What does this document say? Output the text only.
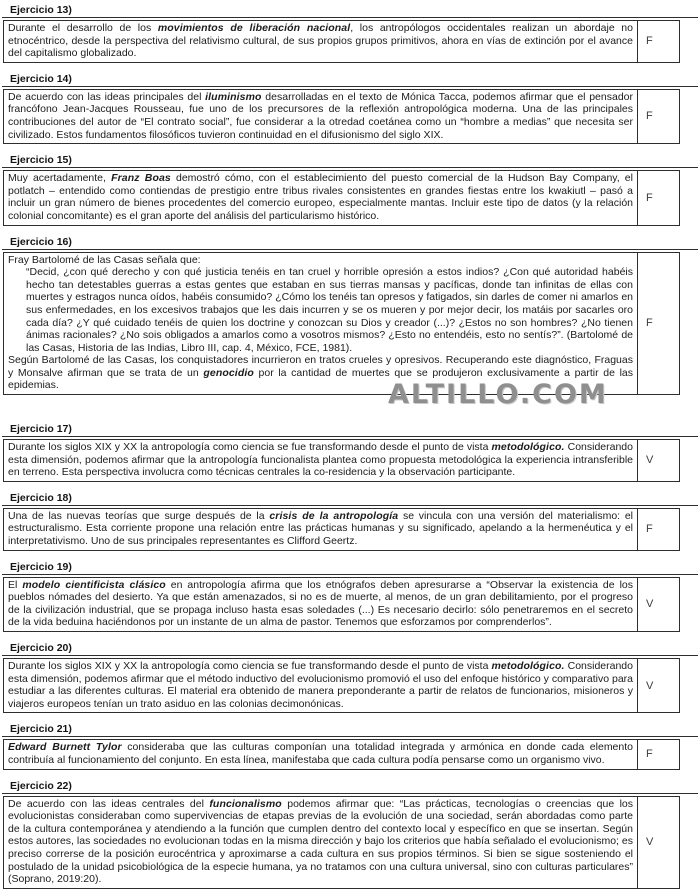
Ejercicio 13)

Durante el desarrollo de los movimientos de liberación nacional, los antropólogos occidentales realizan un abordaje no etnocéntrico, desde la perspectiva del relativismo cultural, de sus propios grupos primitivos, ahora en vías de extinción por el avance del capitalismo globalizado.

F
Ejercicio 14)

De acuerdo con las ideas principales del iluminismo desarrolladas en el texto de Mónica Tacca, podemos afirmar que el pensador francófono Jean-Jacques Rousseau, fue uno de los precursores de la reflexión antropológica moderna. Una de las principales contribuciones del autor de “El contrato social”, fue considerar a la otredad coetánea como un “hombre a medias” que necesita ser civilizado. Estos fundamentos filosóficos tuvieron continuidad en el difusionismo del siglo XIX.

F
Ejercicio 15)

Muy acertadamente, Franz Boas demostró cómo, con el establecimiento del puesto comercial de la Hudson Bay Company, el potlatch – entendido como contiendas de prestigio entre tribus rivales consistentes en grandes fiestas entre los kwakiutl – pasó a incluir un gran número de bienes procedentes del comercio europeo, especialmente mantas. Incluir este tipo de datos (y la relación colonial concomitante) es el gran aporte del análisis del particularismo histórico.

F
Ejercicio 16)

Fray Bartolomé de las Casas señala que:

“Decid, ¿con qué derecho y con qué justicia tenéis en tan cruel y horrible opresión a estos indios? ¿Con qué autoridad habéis hecho tan detestables guerras a estas gentes que estaban en sus tierras mansas y pacíficas, donde tan infinitas de ellas con muertes y estragos nunca oídos, habéis consumido? ¿Cómo los tenéis tan opresos y fatigados, sin darles de comer ni amarlos en sus enfermedades, en los excesivos trabajos que les dais incurren y se os mueren y por mejor decir, los matáis por sacarles oro cada día? ¿Y qué cuidado tenéis de quien los doctrine y conozcan su Dios y creador (...)? ¿Estos no son hombres? ¿No tienen ánimas racionales? ¿No sois obligados a amarlos como a vosotros mismos? ¿Esto no entendéis, esto no sentís?”. (Bartolomé de las Casas, Historia de las Indias, Libro III, cap. 4, México, FCE, 1981).

Según Bartolomé de las Casas, los conquistadores incurrieron en tratos crueles y opresivos. Recuperando este diagnóstico, Fraguas y Monsalve afirman que se trata de un genocidio por la cantidad de muertes que se produjeron exclusivamente a partir de las epidemias.

F
Ejercicio 17)

Durante los siglos XIX y XX la antropología como ciencia se fue transformando desde el punto de vista metodológico. Considerando esta dimensión, podemos afirmar que la antropología funcionalista plantea como propuesta metodológica la experiencia intransferible en terreno. Esta perspectiva involucra como técnicas centrales la co-residencia y la observación participante.

V
Ejercicio 18)

Una de las nuevas teorías que surge después de la crisis de la antropología se vincula con una versión del materialismo: el estructuralismo. Esta corriente propone una relación entre las prácticas humanas y su significado, apelando a la hermenéutica y el interpretativismo. Uno de sus principales representantes es Clifford Geertz.

F
Ejercicio 19)

El modelo cientificista clásico en antropología afirma que los etnógrafos deben apresurarse a “Observar la existencia de los pueblos nómades del desierto. Ya que están amenazados, si no es de muerte, al menos, de un gran debilitamiento, por el progreso de la civilización industrial, que se propaga incluso hasta esas soledades (...) Es necesario decirlo: sólo penetraremos en el secreto de la vida beduina haciéndonos por un instante de un alma de pastor. Tenemos que esforzamos por comprenderlos”.

V
Ejercicio 20)

Durante los siglos XIX y XX la antropología como ciencia se fue transformando desde el punto de vista metodológico. Considerando esta dimensión, podemos afirmar que el método inductivo del evolucionismo promovió el uso del enfoque histórico y comparativo para estudiar a las diferentes culturas. El material era obtenido de manera preponderante a partir de relatos de funcionarios, misioneros y viajeros europeos tenían un trato asiduo en las colonias decimonónicas.

V
Ejercicio 21)

Edward Burnett Tylor consideraba que las culturas componían una totalidad integrada y armónica en donde cada elemento contribuía al funcionamiento del conjunto. En esta línea, manifestaba que cada cultura podía pensarse como un organismo vivo.	F
Ejercicio 22)

De acuerdo con las ideas centrales del funcionalismo podemos afirmar que: “Las prácticas, tecnologías o creencias que los evolucionistas consideraban como supervivencias de etapas previas de la evolución de una sociedad, serán abordadas como parte de la cultura contemporánea y atendiendo a la función que cumplen dentro del contexto local y específico en que se insertan. Según estos autores, las sociedades no evolucionan todas en la misma dirección y bajo los criterios que había señalado el evolucionismo; es preciso correrse de la posición eurocéntrica y aproximarse a cada cultura en sus propios términos. Si bien se sigue sosteniendo el postulado de la unidad psicobiológica de la especie humana, ya no tratamos con una cultura universal, sino con culturas particulares” (Soprano, 2019:20).

V
ALTILLO.COM
